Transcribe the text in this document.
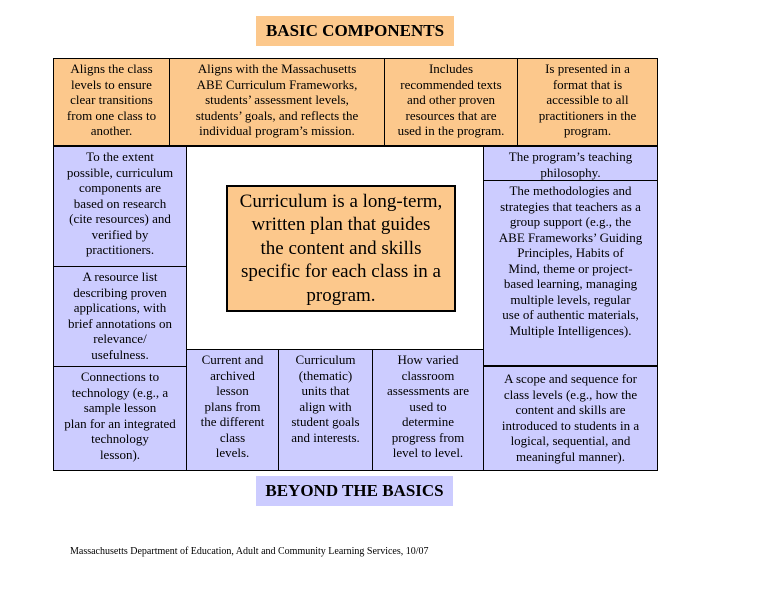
BASIC COMPONENTS
Aligns the class
levels to ensure
clear transitions
from one class to
another.
Aligns with the Massachusetts
ABE Curriculum Frameworks,
students’ assessment levels,
students’ goals, and reflects the
individual program’s mission.
Includes
recommended texts
and other proven
resources that are
used in the program.
Is presented in a
format that is
accessible to all
practitioners in the
program.
To the extent
possible, curriculum
components are
based on research
(cite resources) and
verified by
practitioners.
A resource list
describing proven
applications, with
brief annotations on
relevance/
usefulness.
Connections to
technology (e.g., a
sample lesson
plan for an integrated
technology
lesson).
The program’s teaching
philosophy.
The methodologies and
strategies that teachers as a
group support (e.g., the
ABE Frameworks’ Guiding
Principles, Habits of
Mind, theme or project-
based learning, managing
multiple levels, regular
use of authentic materials,
Multiple Intelligences).
A scope and sequence for
class levels (e.g., how the
content and skills are
introduced to students in a
logical, sequential, and
meaningful manner).
Current and
archived
lesson
plans from
the different
class
levels.
Curriculum
(thematic)
units that
align with
student goals
and interests.
How varied
classroom
assessments are
used to
determine
progress from
level to level.
Curriculum is a long-term,
written plan that guides
the content and skills
specific for each class in a
program.
BEYOND THE BASICS
Massachusetts Department of Education, Adult and Community Learning Services, 10/07
